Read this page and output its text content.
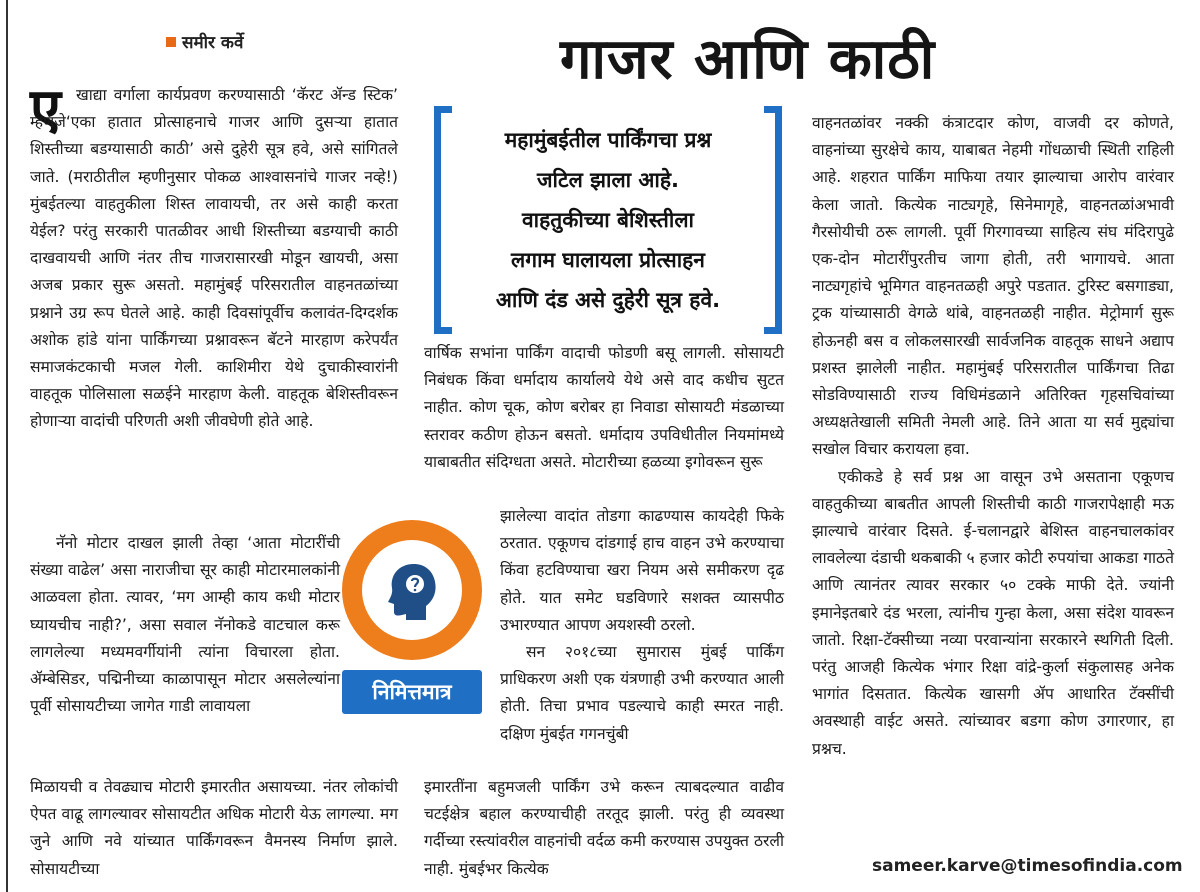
समीर कर्वे	गाजर आणि काठी
ए खाद्या वर्गाला कार्यप्रवण करण्यासाठी ‘कॅरट ॲन्ड स्टिक’ म्हणजे‘एका हातात प्रोत्साहनाचे गाजर आणि दुसऱ्या हातात शिस्तीच्या बडग्यासाठी काठी’ असे दुहेरी सूत्र हवे, असे सांगितले जाते. (मराठीतील म्हणीनुसार पोकळ आश्वासनांचे गाजर नव्हे!) मुंबईतल्या वाहतुकीला शिस्त लावायची, तर असे काही करता येईल? परंतु सरकारी पातळीवर आधी शिस्तीच्या बडग्याची काठी दाखवायची आणि नंतर तीच गाजरासारखी मोडून खायची, असा अजब प्रकार सुरू असतो. महामुंबई परिसरातील वाहनतळांच्या प्रश्नाने उग्र रूप घेतले आहे. काही दिवसांपूर्वीच कलावंत-दिग्दर्शक अशोक हांडे यांना पार्किंगच्या प्रश्नावरून बॅटने मारहाण करेपर्यंत समाजकंटकाची मजल गेली. काशिमीरा येथे दुचाकीस्वारांनी वाहतूक पोलिसाला सळईने मारहाण केली. वाहतूक बेशिस्तीवरून होणाऱ्या वादांची परिणती अशी जीवघेणी होते आहे.

नॅनो मोटार दाखल झाली तेव्हा ‘आता मोटारींची संख्या वाढेल’ असा नाराजीचा सूर काही मोटारमालकांनी आळवला होता. त्यावर, ‘मग आम्ही काय कधी मोटार घ्यायचीच नाही?’, असा सवाल नॅनोकडे वाटचाल करू लागलेल्या मध्यमवर्गीयांनी त्यांना विचारला होता. ॲम्बेसिडर, पद्मिनीच्या काळापासून मोटार असलेल्यांना पूर्वी सोसायटीच्या जागेत गाडी लावायला

मिळायची व तेवढ्याच मोटारी इमारतीत असायच्या. नंतर लोकांची ऐपत वाढू लागल्यावर सोसायटीत अधिक मोटारी येऊ लागल्या. मग जुने आणि नवे यांच्यात पार्किंगवरून वैमनस्य निर्माण झाले. सोसायटीच्या

महामुंबईतील पार्किंगचा प्रश्न
जटिल झाला आहे.
वाहतुकीच्या बेशिस्तीला
लगाम घालायला प्रोत्साहन
आणि दंड असे दुहेरी सूत्र हवे.

वार्षिक सभांना पार्किंग वादाची फोडणी बसू लागली. सोसायटी निबंधक किंवा धर्मादाय कार्यालये येथे असे वाद कधीच सुटत नाहीत. कोण चूक, कोण बरोबर हा निवाडा सोसायटी मंडळाच्या स्तरावर कठीण होऊन बसतो. धर्मादाय उपविधीतील नियमांमध्ये याबाबतीत संदिग्धता असते. मोटारीच्या हळव्या इगोवरून सुरू

झालेल्या वादांत तोडगा काढण्यास कायदेही फिके ठरतात. एकूणच दांडगाई हाच वाहन उभे करण्याचा किंवा हटविण्याचा खरा नियम असे समीकरण दृढ होते. यात समेट घडविणारे सशक्त व्यासपीठ उभारण्यात आपण अयशस्वी ठरलो.

सन २०१८च्या सुमारास मुंबई पार्किंग प्राधिकरण अशी एक यंत्रणाही उभी करण्यात आली होती. तिचा प्रभाव पडल्याचे काही स्मरत नाही. दक्षिण मुंबईत गगनचुंबी

इमारतींना बहुमजली पार्किंग उभे करून त्याबदल्यात वाढीव चटईक्षेत्र बहाल करण्याचीही तरतूद झाली. परंतु ही व्यवस्था गर्दीच्या रस्त्यांवरील वाहनांची वर्दळ कमी करण्यास उपयुक्त ठरली नाही. मुंबईभर कित्येक

निमित्तमात्र

वाहनतळांवर नक्की कंत्राटदार कोण, वाजवी दर कोणते, वाहनांच्या सुरक्षेचे काय, याबाबत नेहमी गोंधळाची स्थिती राहिली आहे. शहरात पार्किंग माफिया तयार झाल्याचा आरोप वारंवार केला जातो. कित्येक नाट्यगृहे, सिनेमागृहे, वाहनतळांअभावी गैरसोयीची ठरू लागली. पूर्वी गिरगावच्या साहित्य संघ मंदिरापुढे एक-दोन मोटारींपुरतीच जागा होती, तरी भागायचे. आता नाट्यगृहांचे भूमिगत वाहनतळही अपुरे पडतात. टुरिस्ट बसगाड्या, ट्रक यांच्यासाठी वेगळे थांबे, वाहनतळही नाहीत. मेट्रोमार्ग सुरू होऊनही बस व लोकलसारखी सार्वजनिक वाहतूक साधने अद्याप प्रशस्त झालेली नाहीत. महामुंबई परिसरातील पार्किंगचा तिढा सोडविण्यासाठी राज्य विधिमंडळाने अतिरिक्त गृहसचिवांच्या अध्यक्षतेखाली समिती नेमली आहे. तिने आता या सर्व मुद्द्यांचा सखोल विचार करायला हवा.

एकीकडे हे सर्व प्रश्न आ वासून उभे असताना एकूणच वाहतुकीच्या बाबतीत आपली शिस्तीची काठी गाजरापेक्षाही मऊ झाल्याचे वारंवार दिसते. ई-चलानद्वारे बेशिस्त वाहनचालकांवर लावलेल्या दंडाची थकबाकी ५ हजार कोटी रुपयांचा आकडा गाठते आणि त्यानंतर त्यावर सरकार ५० टक्के माफी देते. ज्यांनी इमानेइतबारे दंड भरला, त्यांनीच गुन्हा केला, असा संदेश यावरून जातो. रिक्षा-टॅक्सीच्या नव्या परवान्यांना सरकारने स्थगिती दिली. परंतु आजही कित्येक भंगार रिक्षा वांद्रे-कुर्ला संकुलासह अनेक भागांत दिसतात. कित्येक खासगी ॲप आधारित टॅक्सींची अवस्थाही वाईट असते. त्यांच्यावर बडगा कोण उगारणार, हा प्रश्नच.

sameer.karve@timesofindia.com
